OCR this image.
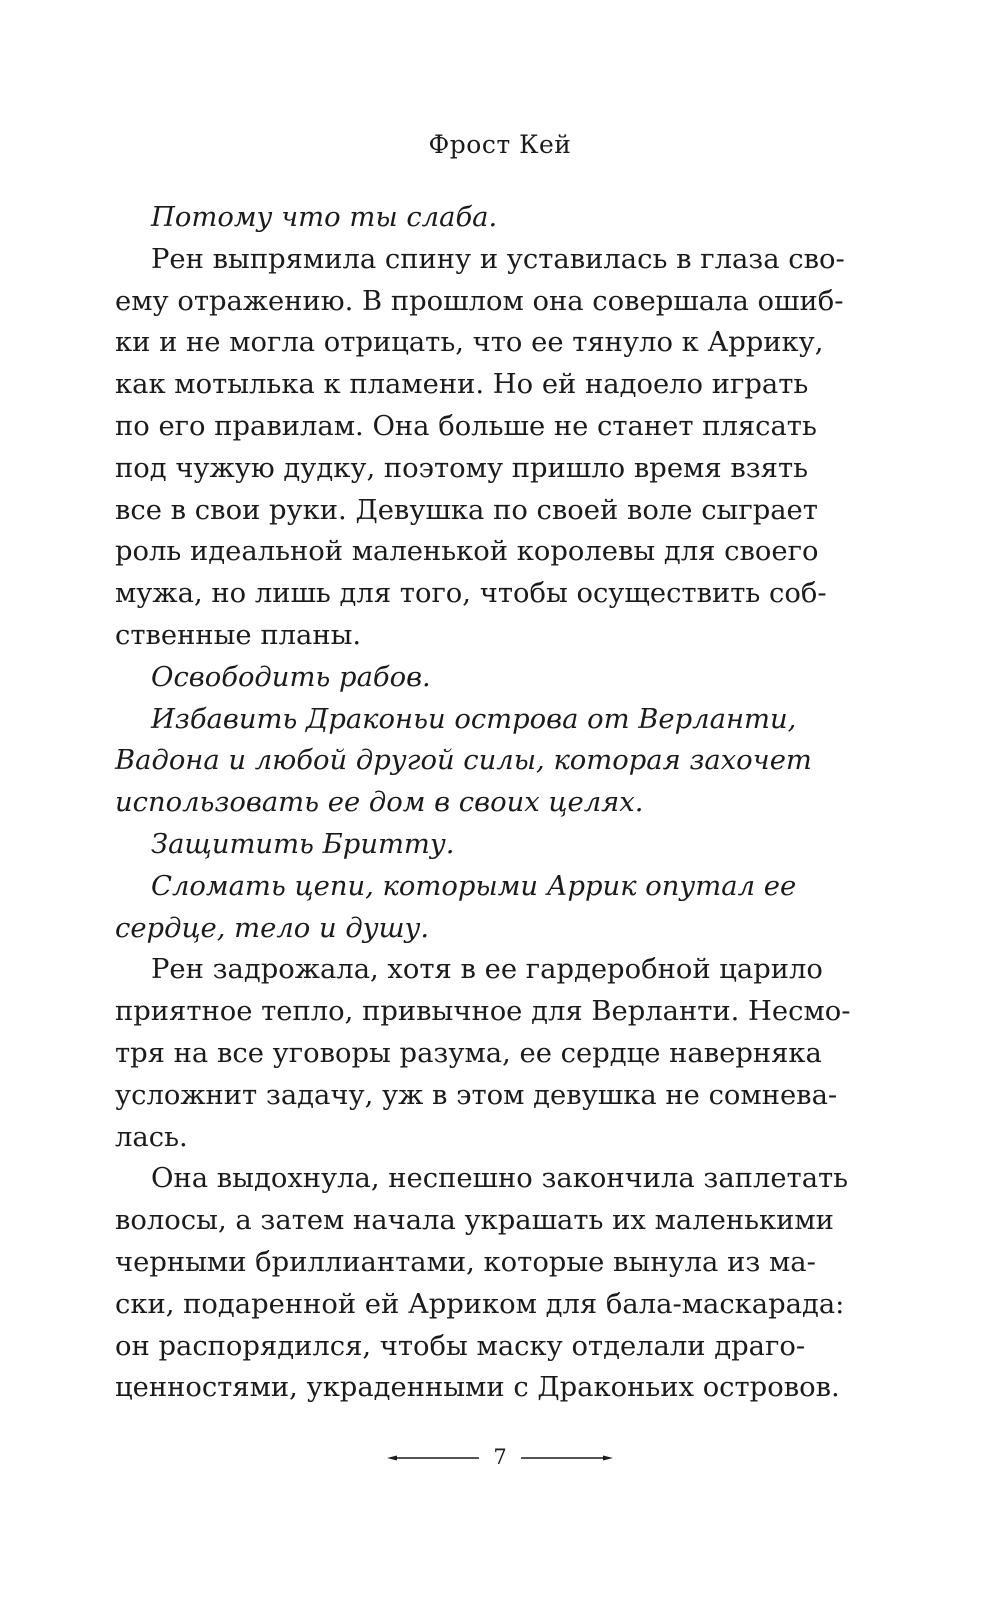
Фрост Кей
Потому что ты слаба.
Рен выпрямила спину и уставилась в глаза сво-
ему отражению. В прошлом она совершала ошиб-
ки и не могла отрицать, что ее тянуло к Аррику,
как мотылька к пламени. Но ей надоело играть
по его правилам. Она больше не станет плясать
под чужую дудку, поэтому пришло время взять
все в свои руки. Девушка по своей воле сыграет
роль идеальной маленькой королевы для своего
мужа, но лишь для того, чтобы осуществить соб-
ственные планы.
Освободить рабов.
Избавить Драконьи острова от Верланти,
Вадона и любой другой силы, которая захочет
использовать ее дом в своих целях.
Защитить Бритту.
Сломать цепи, которыми Аррик опутал ее
сердце, тело и душу.
Рен задрожала, хотя в ее гардеробной царило
приятное тепло, привычное для Верланти. Несмо-
тря на все уговоры разума, ее сердце наверняка
усложнит задачу, уж в этом девушка не сомнева-
лась.
Она выдохнула, неспешно закончила заплетать
волосы, а затем начала украшать их маленькими
черными бриллиантами, которые вынула из ма-
ски, подаренной ей Арриком для бала-маскарада:
он распорядился, чтобы маску отделали драго-
ценностями, украденными с Драконьих островов.
7
